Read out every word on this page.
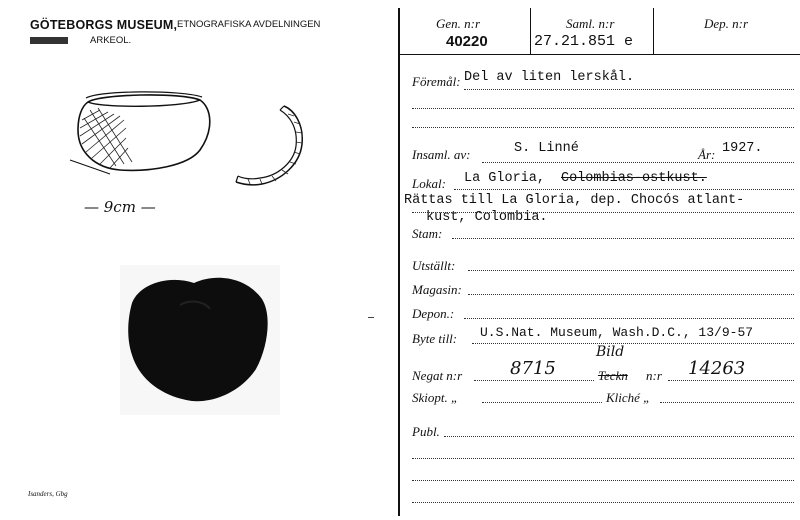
GÖTEBORGS MUSEUM, ETNOGRAFISKA AVDELNINGEN
ARKEOL.
— 9cm —
Isanders, Gbg
Gen. n:r
40220
Saml. n:r
27.21.851 e
Dep. n:r
Föremål: Del av liten lerskål.
Insaml. av:	S. Linné	År: 1927.
Lokal: La Gloria, Colombias-ostkust.
Rättas till La Gloria, dep. Chocós atlant-
kust, Colombia.
Stam:
Utställt:
Magasin:
Depon.:
Byte till: U.S.Nat. Museum, Wash.D.C., 13/9-57
Negat n:r	8715
Bild
Teckn n:r 14263
Skiopt. „	Kliché „
Publ.
